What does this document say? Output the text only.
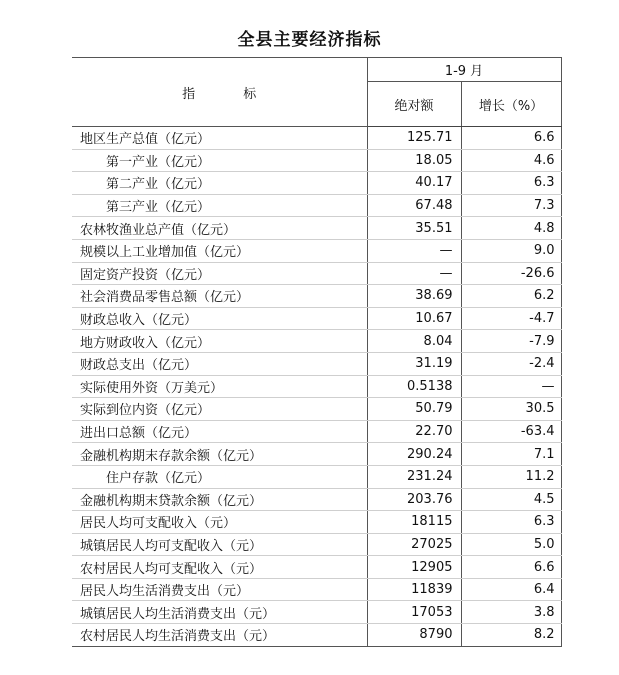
全县主要经济指标
指 标	1-9 月	
	绝对额	增长（%）
地区生产总值（亿元）	125.71	6.6
第一产业（亿元）	18.05	4.6
第二产业（亿元）	40.17	6.3
第三产业（亿元）	67.48	7.3
农林牧渔业总产值（亿元）	35.51	4.8
规模以上工业增加值（亿元）	—	9.0
固定资产投资（亿元）	—	-26.6
社会消费品零售总额（亿元）	38.69	6.2
财政总收入（亿元）	10.67	-4.7
地方财政收入（亿元）	8.04	-7.9
财政总支出（亿元）	31.19	-2.4
实际使用外资（万美元）	0.5138	—
实际到位内资（亿元）	50.79	30.5
进出口总额（亿元）	22.70	-63.4
金融机构期末存款余额（亿元）	290.24	7.1
住户存款（亿元）	231.24	11.2
金融机构期末贷款余额（亿元）	203.76	4.5
居民人均可支配收入（元）	18115	6.3
城镇居民人均可支配收入（元）	27025	5.0
农村居民人均可支配收入（元）	12905	6.6
居民人均生活消费支出（元）	11839	6.4
城镇居民人均生活消费支出（元）	17053	3.8
农村居民人均生活消费支出（元）	8790	8.2
